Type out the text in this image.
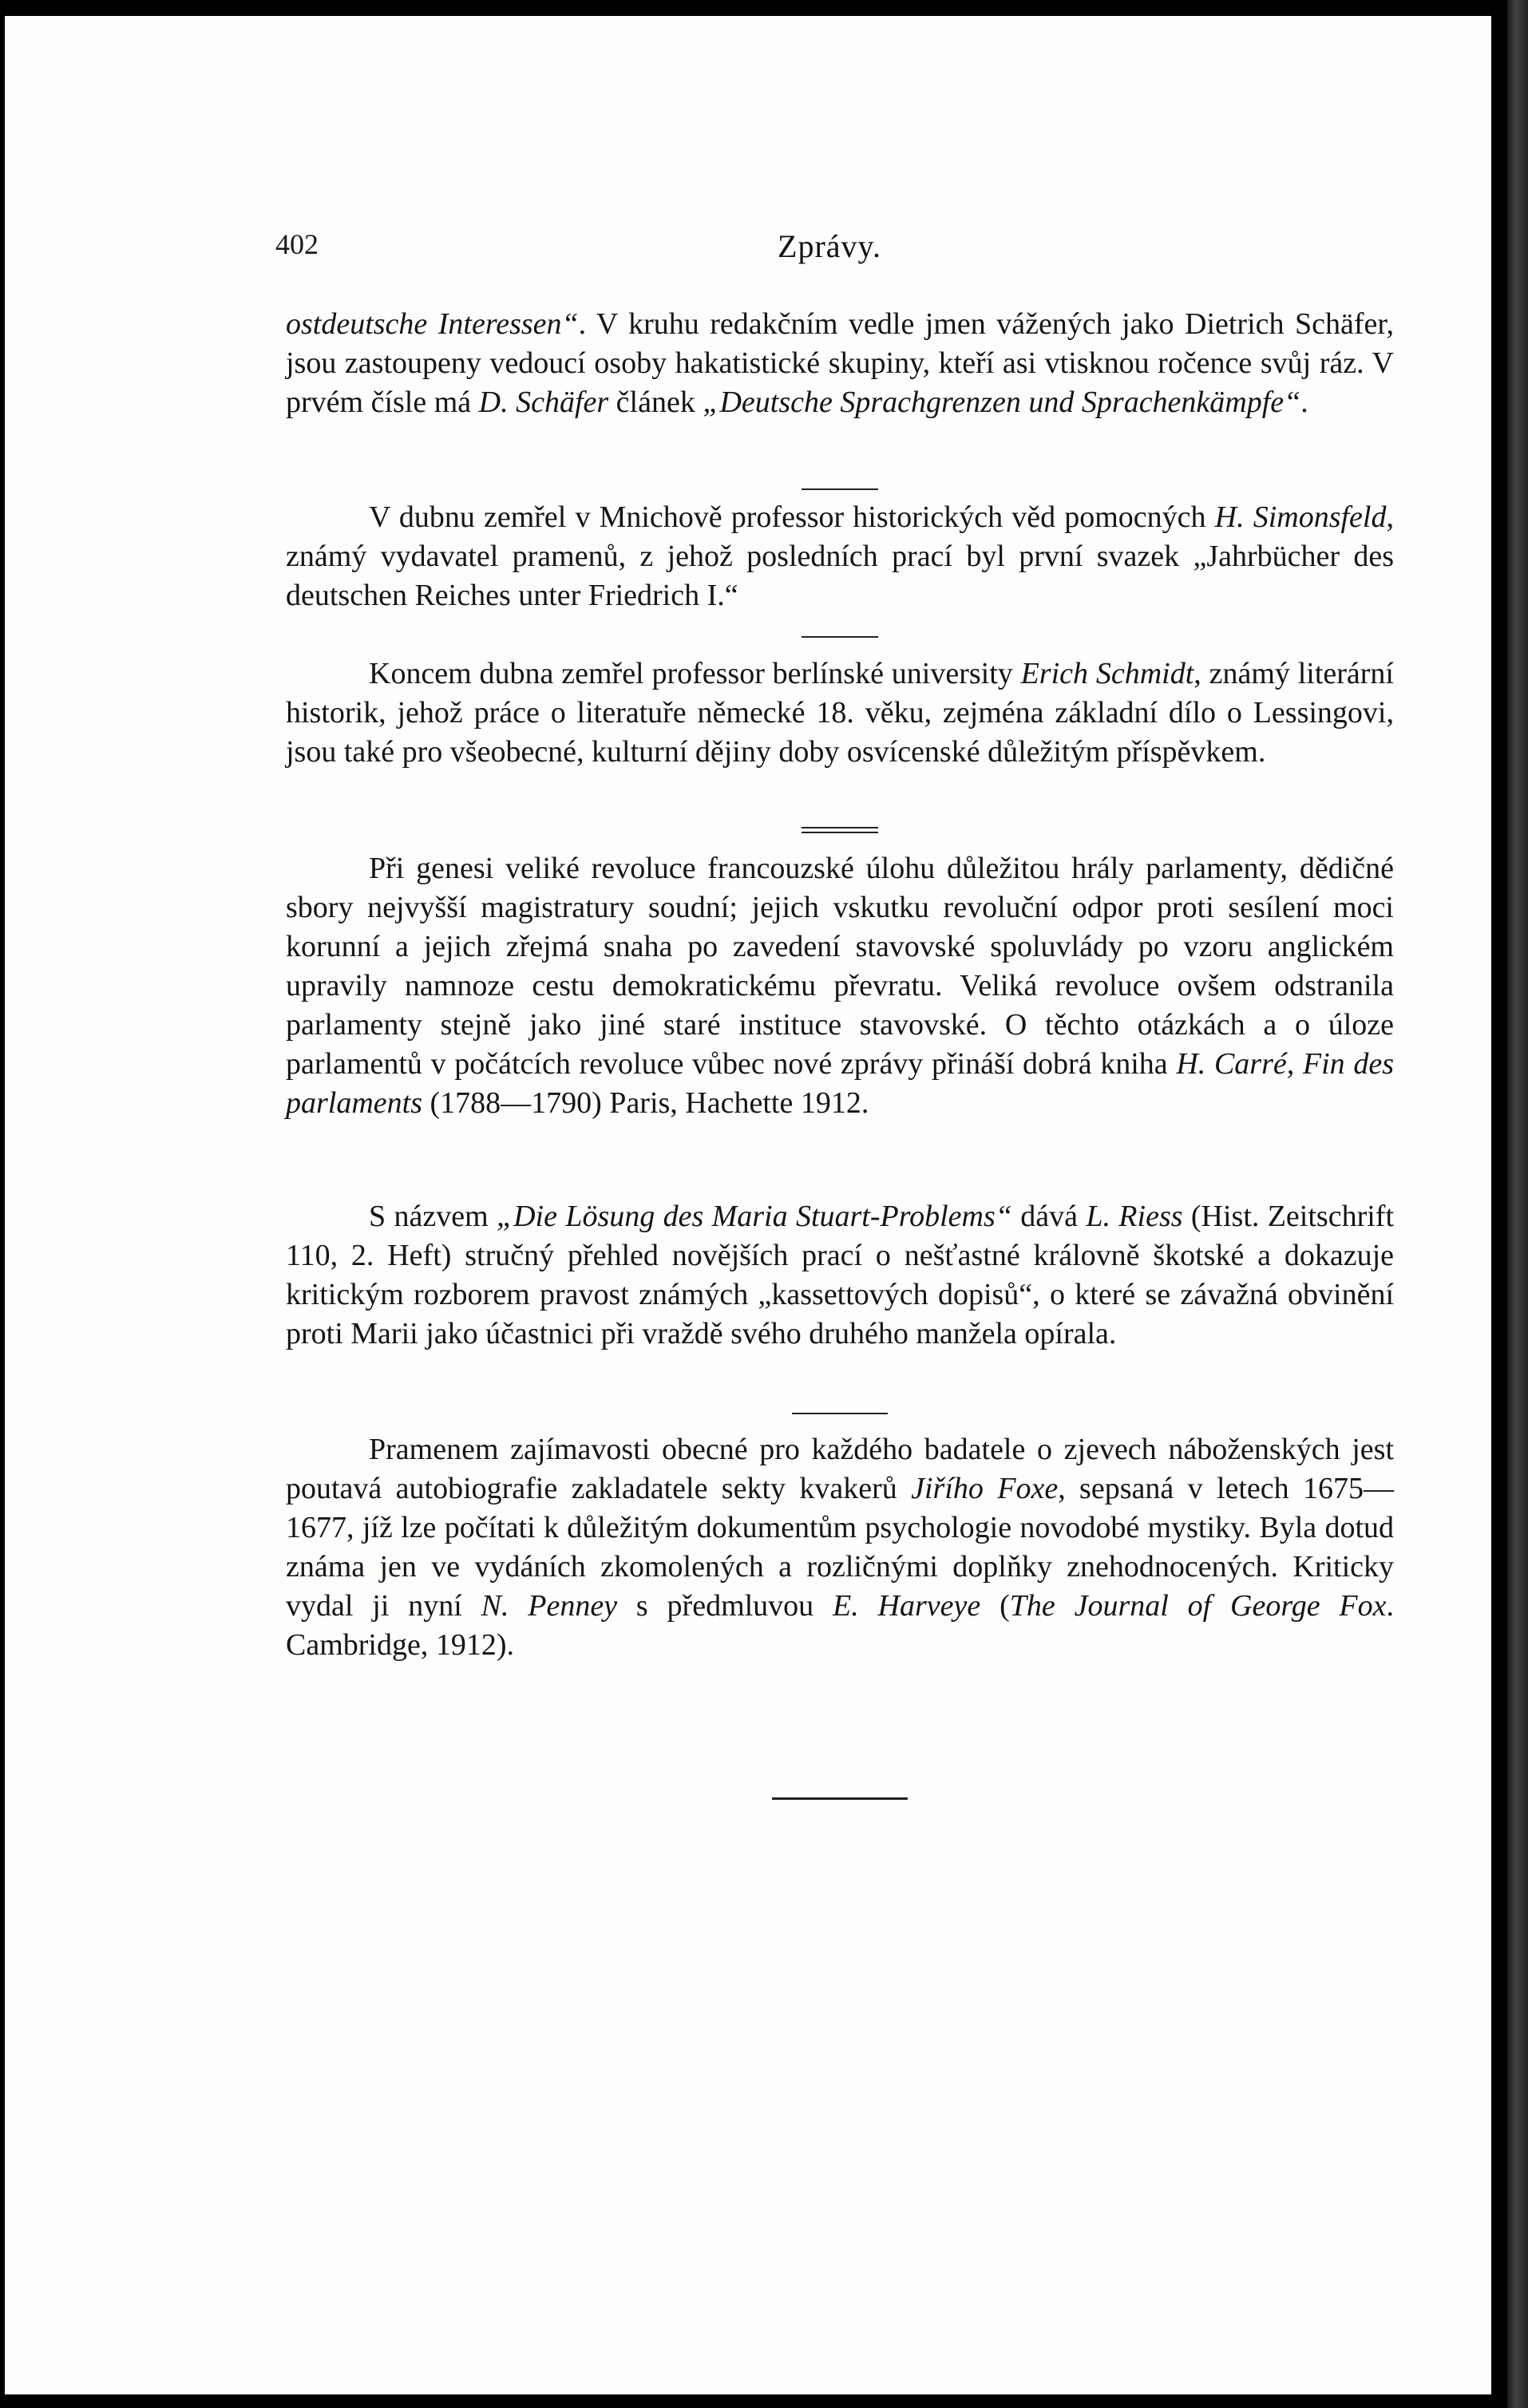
402	Zprávy.

ostdeutsche Interessen“. V kruhu redakčním vedle jmen vážených jako Dietrich Schäfer, jsou zastoupeny vedoucí osoby hakatistické skupiny, kteří asi vtisknou ročence svůj ráz. V prvém čísle má D. Schäfer článek „Deutsche Sprachgrenzen und Sprachenkämpfe“.

V dubnu zemřel v Mnichově professor historických věd pomocných H. Simonsfeld, známý vydavatel pramenů, z jehož posledních prací byl první svazek „Jahrbücher des deutschen Reiches unter Friedrich I.“

Koncem dubna zemřel professor berlínské university Erich Schmidt, známý literární historik, jehož práce o literatuře německé 18. věku, zejména základní dílo o Lessingovi, jsou také pro všeobecné, kulturní dějiny doby osvícenské důležitým příspěvkem.

Při genesi veliké revoluce francouzské úlohu důležitou hrály parlamenty, dědičné sbory nejvyšší magistratury soudní; jejich vskutku revoluční odpor proti sesílení moci korunní a jejich zřejmá snaha po zavedení stavovské spoluvlády po vzoru anglickém upravily namnoze cestu demokratickému převratu. Veliká revoluce ovšem odstranila parlamenty stejně jako jiné staré instituce stavovské. O těchto otázkách a o úloze parlamentů v počátcích revoluce vůbec nové zprávy přináší dobrá kniha H. Carré, Fin des parlaments (1788—1790) Paris, Hachette 1912.

S názvem „Die Lösung des Maria Stuart-Problems“ dává L. Riess (Hist. Zeitschrift 110, 2. Heft) stručný přehled novějších prací o nešťastné královně škotské a dokazuje kritickým rozborem pravost známých „kassettových dopisů“, o které se závažná obvinění proti Marii jako účastnici při vraždě svého druhého manžela opírala.

Pramenem zajímavosti obecné pro každého badatele o zjevech náboženských jest poutavá autobiografie zakladatele sekty kvakerů Jiřího Foxe, sepsaná v letech 1675—1677, jíž lze počítati k důležitým dokumentům psychologie novodobé mystiky. Byla dotud známa jen ve vydáních zkomolených a rozličnými doplňky znehodnocených. Kriticky vydal ji nyní N. Penney s předmluvou E. Harveye (The Journal of George Fox. Cambridge, 1912).
